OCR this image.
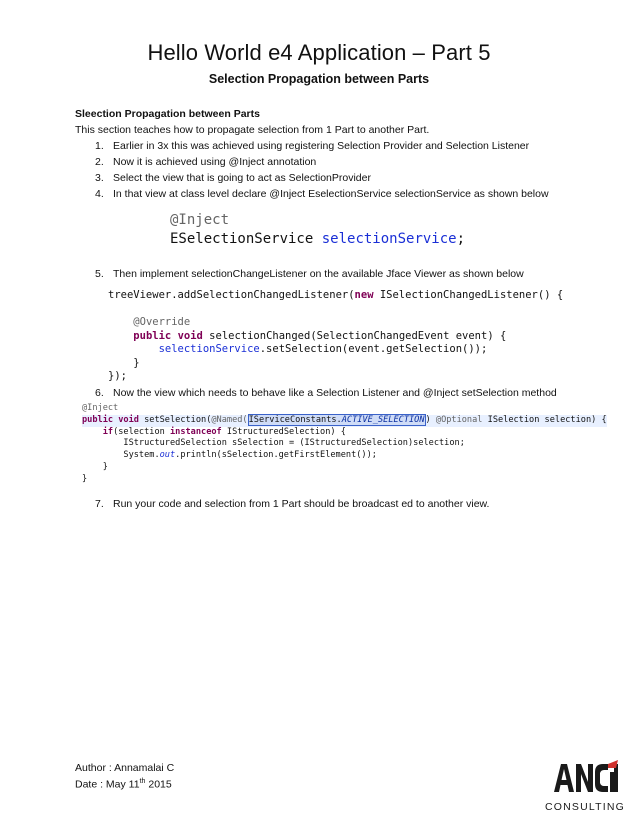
Hello World e4 Application – Part 5
Selection Propagation between Parts
Sleection Propagation between Parts
This section teaches how to propagate selection from 1 Part to another Part.
1. Earlier in 3x this was achieved using registering Selection Provider and Selection Listener
2. Now it is achieved using @Inject annotation
3. Select the view that is going to act as SelectionProvider
4. In that view at class level declare @Inject EselectionService selectionService as shown below
@Inject
ESelectionService selectionService;
5. Then implement selectionChangeListener on the available Jface Viewer as shown below
treeViewer.addSelectionChangedListener(new ISelectionChangedListener() {

@Override
public void selectionChanged(SelectionChangedEvent event) {
selectionService.setSelection(event.getSelection());
}
});
6. Now the view which needs to behave like a Selection Listener and @Inject setSelection method
@Inject
public void setSelection(@Named(IServiceConstants.ACTIVE_SELECTION) @Optional ISelection selection) {
if(selection instanceof IStructuredSelection) {
IStructuredSelection sSelection = (IStructuredSelection)selection;
System.out.println(sSelection.getFirstElement());
}
}
7. Run your code and selection from 1 Part should be broadcast ed to another view.
Author : Annamalai C
Date : May 11th 2015
CONSULTING
